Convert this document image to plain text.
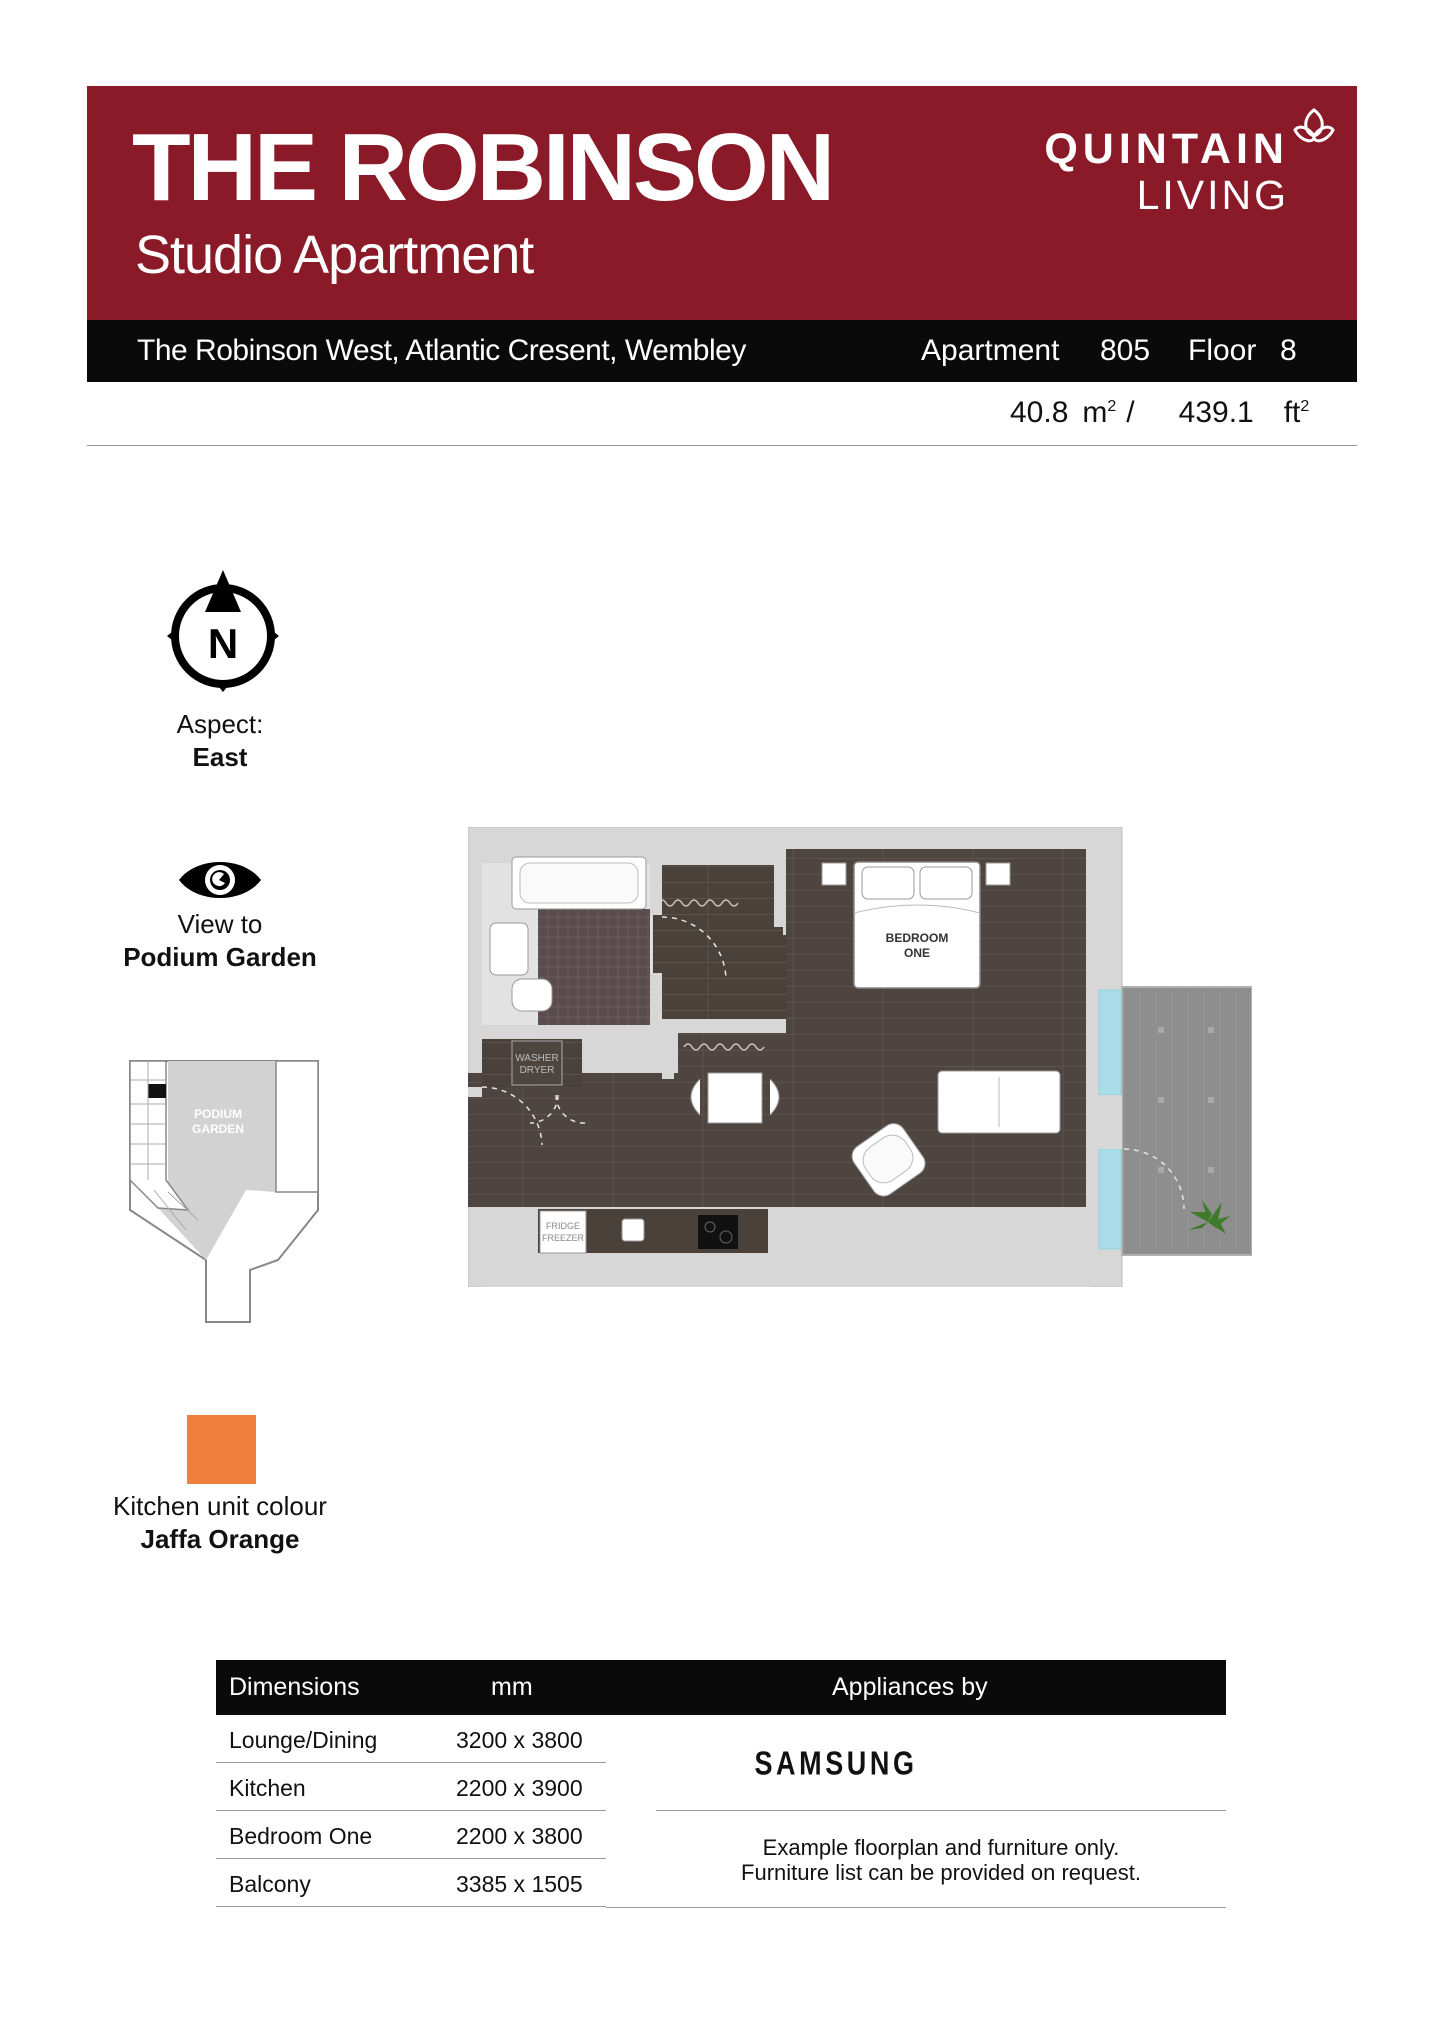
THE ROBINSON
Studio Apartment
QUINTAIN
LIVING
The Robinson West, Atlantic Cresent, Wembley	Apartment	805	Floor 8
40.8 $m^2 / 439.1$ $ft^2$
N
Aspect:
East
View to
Podium Garden
PODIUM
GARDEN
Kitchen unit colour
Jaffa Orange
WASHER
DRYER
BEDROOM
ONE
FRIDGE
FREEZER
Dimensions	mm	Appliances by
Lounge/Dining	3200 x 3800
Kitchen	2200 x 3900
Bedroom One	2200 x 3800
Balcony	3385 x 1505
SAMSUNG
Example floorplan and furniture only.
Furniture list can be provided on request.
